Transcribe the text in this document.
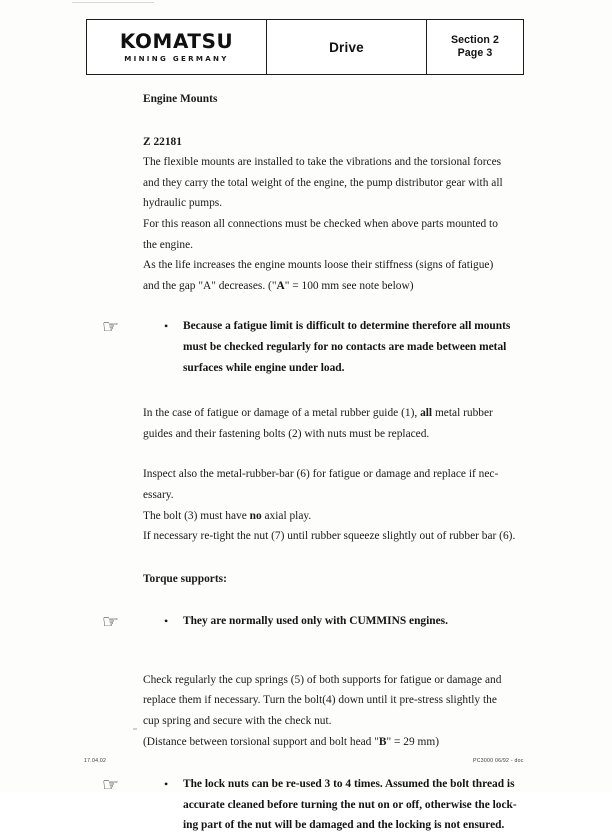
KOMATSU
MINING GERMANY
Drive	Section 2
Page 3
Engine Mounts
Z 22181
The flexible mounts are installed to take the vibrations and the torsional forces
and they carry the total weight of the engine, the pump distributor gear with all
hydraulic pumps.
For this reason all connections must be checked when above parts mounted to
the engine.
As the life increases the engine mounts loose their stiffness (signs of fatigue)
and the gap "A" decreases. ("A" = 100 mm see note below)
☞	• Because a fatigue limit is difficult to determine therefore all mounts
must be checked regularly for no contacts are made between metal
surfaces while engine under load.
In the case of fatigue or damage of a metal rubber guide (1), all metal rubber
guides and their fastening bolts (2) with nuts must be replaced.
Inspect also the metal-rubber-bar (6) for fatigue or damage and replace if nec-
essary.
The bolt (3) must have no axial play.
If necessary re-tight the nut (7) until rubber squeeze slightly out of rubber bar (6).
Torque supports:
☞	• They are normally used only with CUMMINS engines.
Check regularly the cup springs (5) of both supports for fatigue or damage and
replace them if necessary. Turn the bolt(4) down until it pre-stress slightly the
cup spring and secure with the check nut.
(Distance between torsional support and bolt head "B" = 29 mm)
☞	• The lock nuts can be re-used 3 to 4 times. Assumed the bolt thread is
accurate cleaned before turning the nut on or off, otherwise the lock-
ing part of the nut will be damaged and the locking is not ensured.
17.04.02	PC3000 06/92 - doc
